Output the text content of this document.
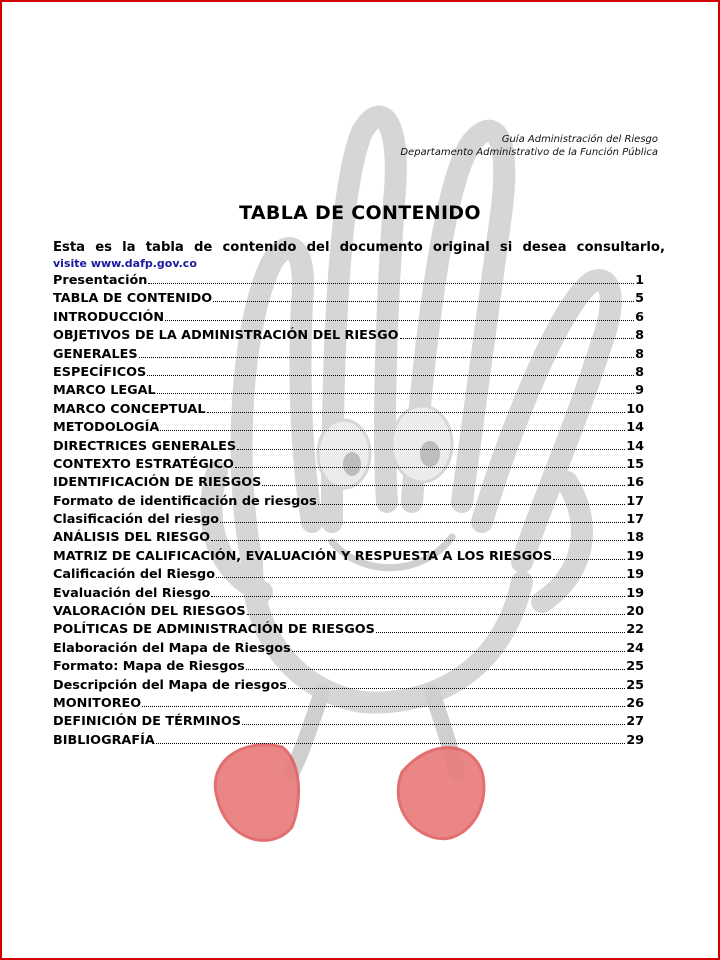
Guía Administración del Riesgo
Departamento Administrativo de la Función Pública
TABLA DE CONTENIDO
Esta es la tabla de contenido del documento original si desea consultarlo,
visite www.dafp.gov.co
Presentación	1
TABLA DE CONTENIDO	5
INTRODUCCIÓN	6
OBJETIVOS DE LA ADMINISTRACIÓN DEL RIESGO	8
GENERALES	8
ESPECÍFICOS	8
MARCO LEGAL	9
MARCO CONCEPTUAL	10
METODOLOGÍA	14
DIRECTRICES GENERALES	14
CONTEXTO ESTRATÉGICO	15
IDENTIFICACIÓN DE RIESGOS	16
Formato de identificación de riesgos	17
Clasificación del riesgo	17
ANÁLISIS DEL RIESGO	18
MATRIZ DE CALIFICACIÓN, EVALUACIÓN Y RESPUESTA A LOS RIESGOS	19
Calificación del Riesgo	19
Evaluación del Riesgo	19
VALORACIÓN DEL RIESGOS	20
POLÍTICAS DE ADMINISTRACIÓN DE RIESGOS	22
Elaboración del Mapa de Riesgos	24
Formato: Mapa de Riesgos	25
Descripción del Mapa de riesgos	25
MONITOREO	26
DEFINICIÓN DE TÉRMINOS	27
BIBLIOGRAFÍA	29
